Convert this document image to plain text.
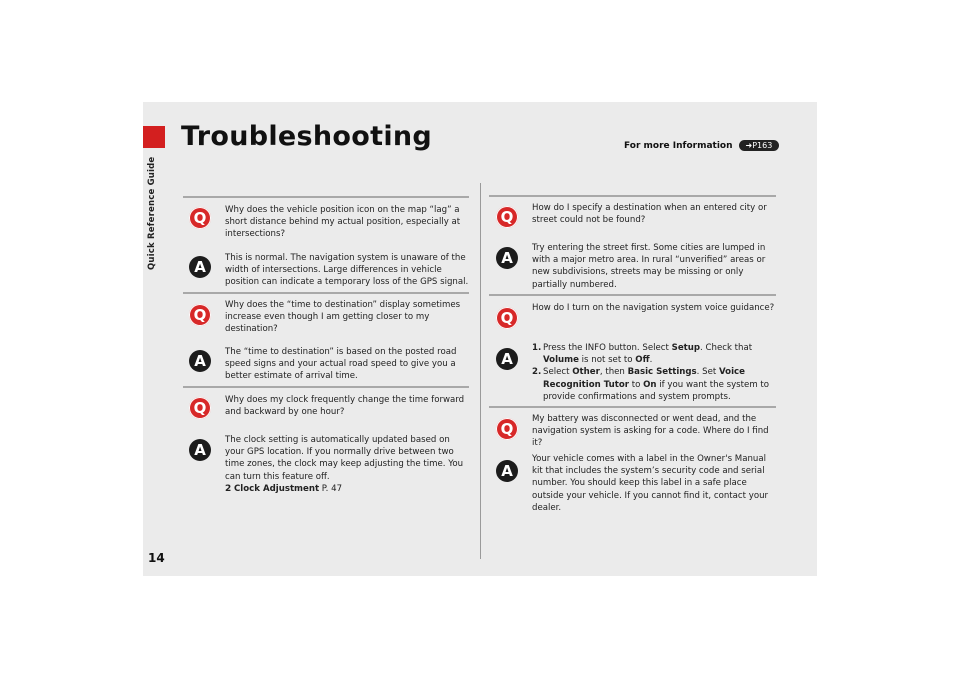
Quick Reference Guide
14
Troubleshooting	For more Information	➜P163
Q	Why does the vehicle position icon on the map “lag” a short distance behind my actual position, especially at intersections?
A	This is normal. The navigation system is unaware of the width of intersections. Large differences in vehicle position can indicate a temporary loss of the GPS signal.
Q
Why does the “time to destination” display sometimes increase even though I am getting closer to my destination?
A	The “time to destination” is based on the posted road speed signs and your actual road speed to give you a better estimate of arrival time.
Q	Why does my clock frequently change the time forward and backward by one hour?
A
The clock setting is automatically updated based on your GPS location. If you normally drive between two time zones, the clock may keep adjusting the time. You can turn this feature off.
2 Clock Adjustment P. 47
Q	How do I specify a destination when an entered city or street could not be found?
A
Try entering the street first. Some cities are lumped in with a major metro area. In rural “unverified” areas or new subdivisions, streets may be missing or only partially numbered.
Q
How do I turn on the navigation system voice guidance?
A
1. Press the INFO button. Select Setup. Check that Volume is not set to Off.
2. Select Other, then Basic Settings. Set Voice Recognition Tutor to On if you want the system to provide confirmations and system prompts.
Q
My battery was disconnected or went dead, and the navigation system is asking for a code. Where do I find it?
A
Your vehicle comes with a label in the Owner's Manual kit that includes the system’s security code and serial number. You should keep this label in a safe place outside your vehicle. If you cannot find it, contact your dealer.
